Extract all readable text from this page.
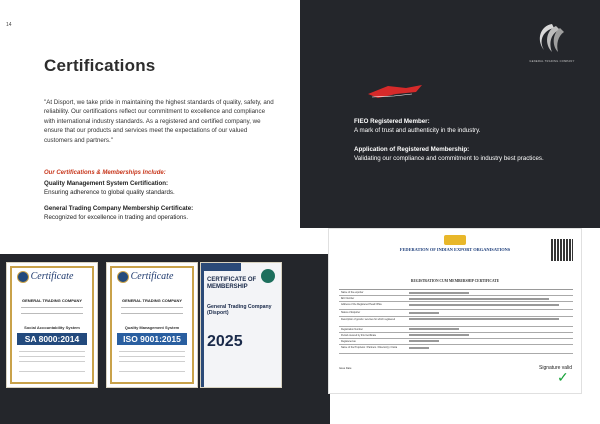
14
Certifications
"At Disport, we take pride in maintaining the highest standards of quality, safety, and reliability. Our certifications reflect our commitment to excellence and compliance with international industry standards. As a registered and certified company, we ensure that our products and services meet the expectations of our valued customers and partners."
Our Certifications & Memberships Include:
Quality Management System Certification:
Ensuring adherence to global quality standards.
General Trading Company Membership Certificate:
Recognized for excellence in trading and operations.
GENERAL TRADING COMPANY
FIEO Registered Member:
A mark of trust and authenticity in the industry.
Application of Registered Membership:
Validating our compliance and commitment to industry best practices.
Certificate
GENERAL TRADING COMPANY
Social Accountability System
SA 8000:2014
Certificate
GENERAL TRADING COMPANY
Quality Management System
ISO 9001:2015
CERTIFICATE OF MEMBERSHIP
General Trading Company (Disport)
2025
FEDERATION OF INDIAN EXPORT ORGANISATIONS
REGISTRATION CUM MEMBERSHIP CERTIFICATE
Name of the exporter
IEC Number
Address of the Registered Head Office
Status of Exporter
Description of goods / services for which registered
Registration Number
Period covered by this Certificate
Registered as
Name of the Proprietor / Partners / Director(s) / Karta
Issue Date	Signature valid
✓
